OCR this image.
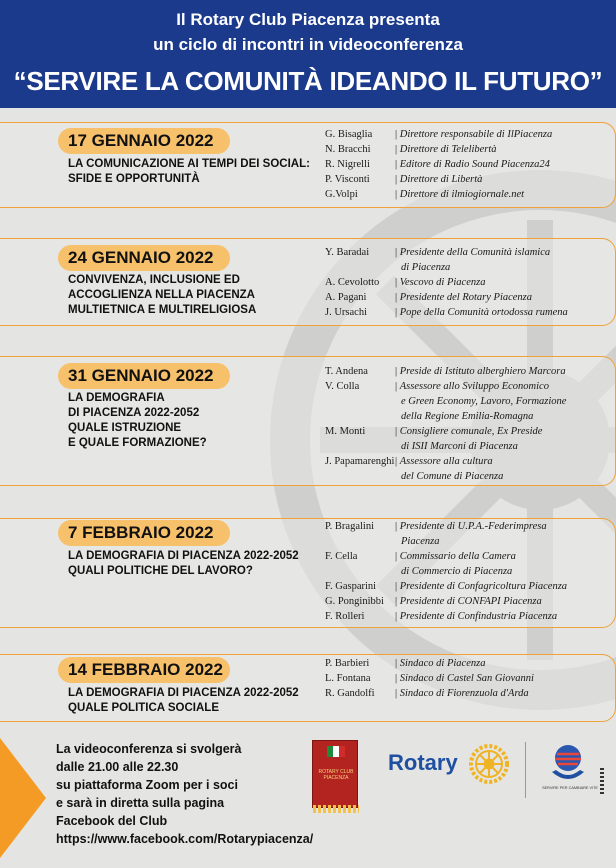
Il Rotary Club Piacenza presenta
un ciclo di incontri in videoconferenza
“SERVIRE LA COMUNITÀ IDEANDO IL FUTURO”
La videoconferenza si svolgerà
dalle 21.00 alle 22.30
su piattaforma Zoom per i soci
e sarà in diretta sulla pagina
Facebook del Club
https://www.facebook.com/Rotarypiacenza/
ROTARY CLUB PIACENZA
Rotary
SERVIRE PER CAMBIARE VITE
17 GENNAIO 2022
LA COMUNICAZIONE AI TEMPI DEI SOCIAL:
SFIDE E OPPORTUNITÀ
G. Bisaglia	| Direttore responsabile di IlPiacenza
N. Bracchi	| Direttore di Telelibertà
R. Nigrelli	| Editore di Radio Sound Piacenza24
P. Visconti	| Direttore di Libertà
G.Volpi	| Direttore di ilmiogiornale.net
24 GENNAIO 2022
CONVIVENZA, INCLUSIONE ED
ACCOGLIENZA NELLA PIACENZA
MULTIETNICA E MULTIRELIGIOSA
Y. Baradai	| Presidente della Comunità islamica
di Piacenza
A. Cevolotto	| Vescovo di Piacenza
A. Pagani	| Presidente del Rotary Piacenza
J. Ursachi	| Pope della Comunità ortodossa rumena
31 GENNAIO 2022
LA DEMOGRAFIA
DI PIACENZA 2022-2052
QUALE ISTRUZIONE
E QUALE FORMAZIONE?
T. Andena	| Preside di Istituto alberghiero Marcora
V. Colla	| Assessore allo Sviluppo Economico
e Green Economy, Lavoro, Formazione
della Regione Emilia-Romagna
M. Monti	| Consigliere comunale, Ex Preside
di ISII Marconi di Piacenza
J. Papamarenghi | Assessore alla cultura
del Comune di Piacenza
7 FEBBRAIO 2022
LA DEMOGRAFIA DI PIACENZA 2022-2052
QUALI POLITICHE DEL LAVORO?
P. Bragalini	| Presidente di U.P.A.-Federimpresa
Piacenza
F. Cella	| Commissario della Camera
di Commercio di Piacenza
F. Gasparini	| Presidente di Confagricoltura Piacenza
G. Ponginibbi	| Presidente di CONFAPI Piacenza
F. Rolleri	| Presidente di Confindustria Piacenza
14 FEBBRAIO 2022
LA DEMOGRAFIA DI PIACENZA 2022-2052
QUALE POLITICA SOCIALE
P. Barbieri	| Sindaco di Piacenza
L. Fontana	| Sindaco di Castel San Giovanni
R. Gandolfi	| Sindaco di Fiorenzuola d'Arda
